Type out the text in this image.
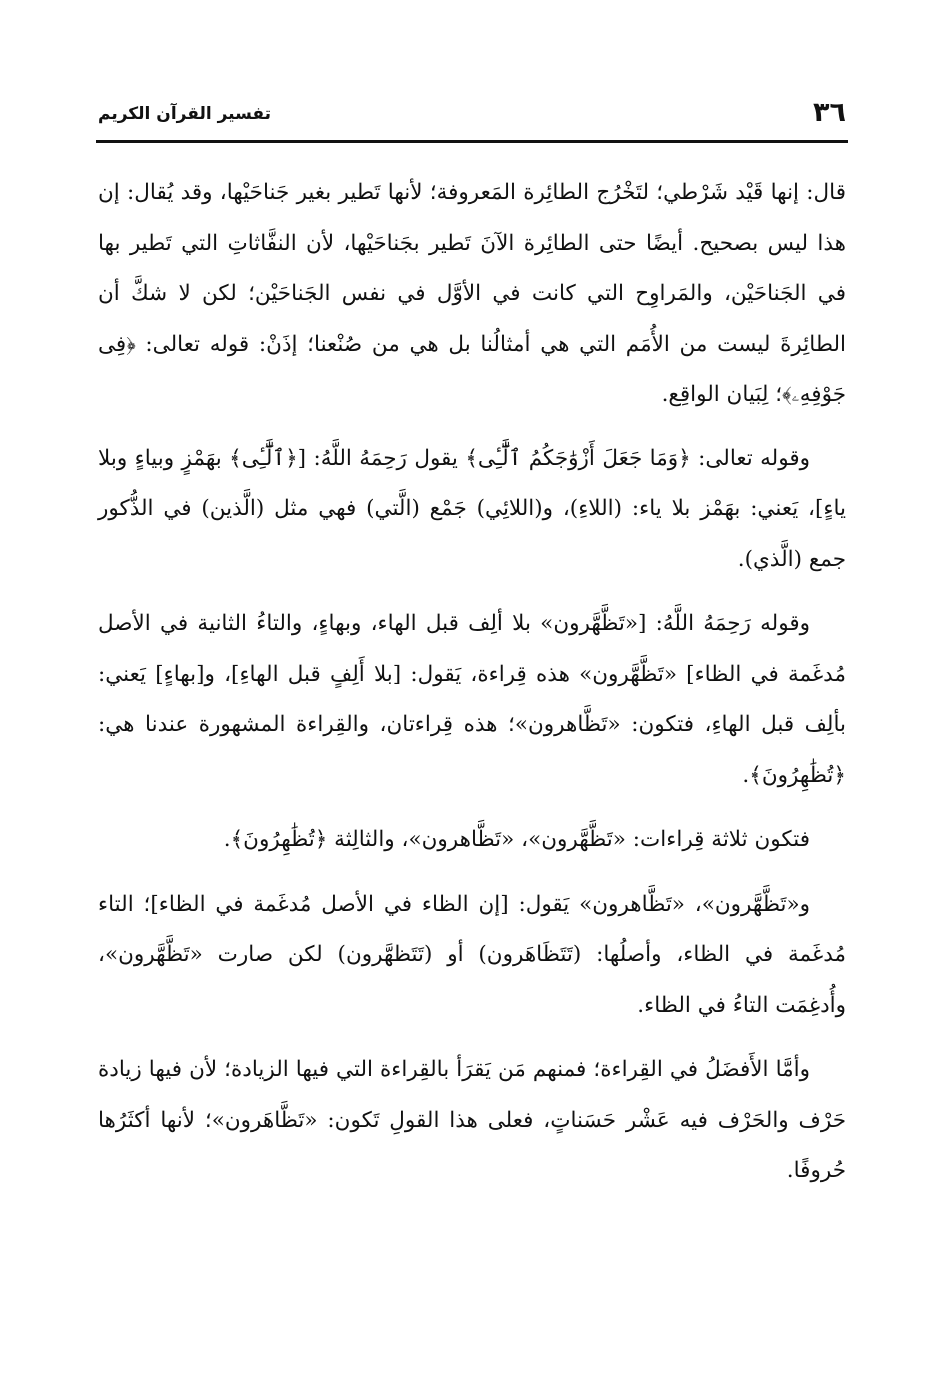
٣٦
تفسير القرآن الكريم

قال: إنها قَيْد شَرْطي؛ لتَخْرُج الطائِرة المَعروفة؛ لأنها تَطير بغير جَناحَيْها، وقد يُقال: إن هذا ليس بصحيح. أيضًا حتى الطائِرة الآنَ تَطير بجَناحَيْها، لأن النفَّاثاتِ التي تَطير بها في الجَناحَيْن، والمَراوِح التي كانت في الأوَّل في نفس الجَناحَيْن؛ لكن لا شكَّ أن الطائِرةَ ليست من الأُمَم التي هي أمثالُنا بل هي من صُنْعنا؛ إذَنْ: قوله تعالى: ﴿فِى جَوْفِهِۦ﴾؛ لِبَيان الواقِع.

وقوله تعالى: ﴿وَمَا جَعَلَ أَزْوَٰجَكُمُ ٱلَّٰٓـِٔى﴾ يقول رَحِمَهُ اللَّهُ: [﴿ٱلَّٰٓـِٔى﴾ بهَمْزٍ وبياءٍ وبلا ياءٍ]، يَعني: بهَمْز بلا ياء: (اللاءِ)، و(اللائِي) جَمْع (الَّتي) فهي مثل (الَّذين) في الذُّكور جمع (الَّذي).

وقوله رَحِمَهُ اللَّهُ: [«تَظَّهَّرون» بلا ألِف قبل الهاء، وبهاءٍ، والتاءُ الثانية في الأصل مُدغَمة في الظاء] «تَظَّهَّرون» هذه قِراءة، يَقول: [بلا أَلِفٍ قبل الهاءِ]، و[بهاءٍ] يَعني: بألِف قبل الهاءِ، فتكون: «تَظَّاهرون»؛ هذه قِراءتان، والقِراءة المشهورة عندنا هي: ﴿تُظَٰهِرُونَ﴾.

فتكون ثلاثة قِراءات: «تَظَّهَّرون»، «تَظَّاهرون»، والثالِثة ﴿تُظَٰهِرُونَ﴾.

و«تَظَّهَّرون»، «تَظَّاهرون» يَقول: [إن الظاء في الأصل مُدغَمة في الظاء]؛ التاء مُدغَمة في الظاء، وأصلُها: (تَتَظَاهَرون) أو (تَتَظهَّرون) لكن صارت «تَظَّهَّرون»، وأُدغِمَت التاءُ في الظاء.

وأمَّا الأَفضَلُ في القِراءة؛ فمنهم مَن يَقرَأ بالقِراءة التي فيها الزيادة؛ لأن فيها زيادة حَرْف والحَرْف فيه عَشْر حَسَناتٍ، فعلى هذا القولِ تَكون: «تَظَّاهَرون»؛ لأنها أكثَرُها حُروفًا.
